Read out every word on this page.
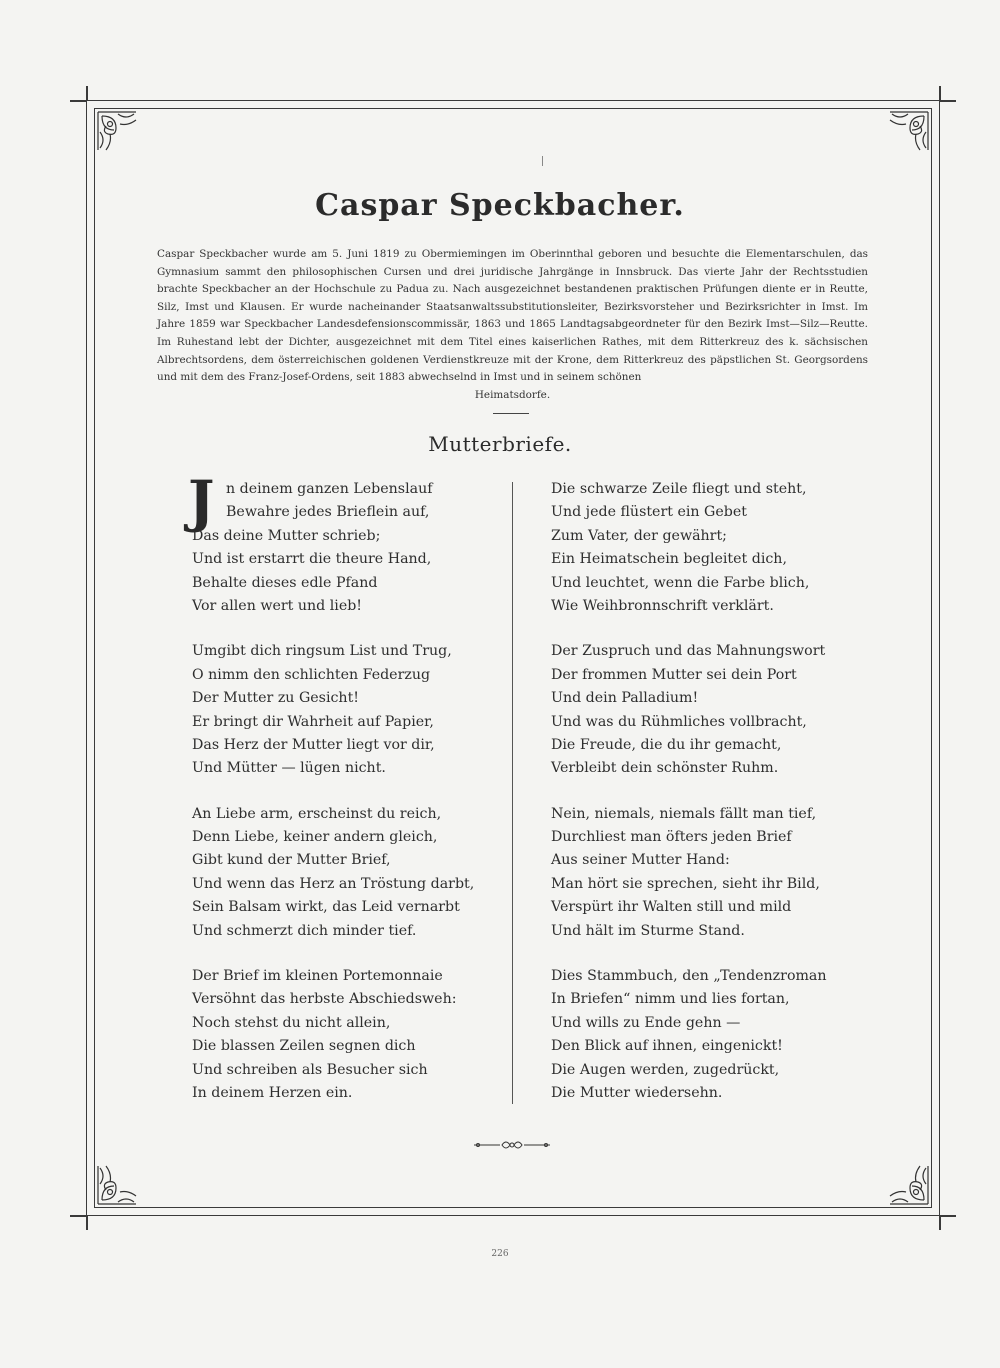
Caspar Speckbacher.
Caspar Speckbacher wurde am 5. Juni 1819 zu Obermiemingen im Oberinnthal geboren und besuchte die Elementarschulen, das Gymnasium sammt den philosophischen Cursen und drei juridische Jahrgänge in Innsbruck. Das vierte Jahr der Rechtsstudien brachte Speckbacher an der Hochschule zu Padua zu. Nach ausgezeichnet bestandenen praktischen Prüfungen diente er in Reutte, Silz, Imst und Klausen. Er wurde nacheinander Staatsanwaltssubstitutionsleiter, Bezirksvorsteher und Bezirksrichter in Imst. Im Jahre 1859 war Speckbacher Landesdefensionscommissär, 1863 und 1865 Landtagsabgeordneter für den Bezirk Imst—Silz—Reutte. Im Ruhestand lebt der Dichter, ausgezeichnet mit dem Titel eines kaiserlichen Rathes, mit dem Ritterkreuz des k. sächsischen Albrechtsordens, dem österreichischen goldenen Verdienstkreuze mit der Krone, dem Ritterkreuz des päpstlichen St. Georgsordens und mit dem des Franz-Josef-Ordens, seit 1883 abwechselnd in Imst und in seinem schönen
Heimatsdorfe.
Mutterbriefe.
J n deinem ganzen Lebenslauf
Bewahre jedes Brieflein auf,
Das deine Mutter schrieb;
Und ist erstarrt die theure Hand,
Behalte dieses edle Pfand
Vor allen wert und lieb!
Umgibt dich ringsum List und Trug,
O nimm den schlichten Federzug
Der Mutter zu Gesicht!
Er bringt dir Wahrheit auf Papier,
Das Herz der Mutter liegt vor dir,
Und Mütter — lügen nicht.
An Liebe arm, erscheinst du reich,
Denn Liebe, keiner andern gleich,
Gibt kund der Mutter Brief,
Und wenn das Herz an Tröstung darbt,
Sein Balsam wirkt, das Leid vernarbt
Und schmerzt dich minder tief.
Der Brief im kleinen Portemonnaie
Versöhnt das herbste Abschiedsweh:
Noch stehst du nicht allein,
Die blassen Zeilen segnen dich
Und schreiben als Besucher sich
In deinem Herzen ein.
Die schwarze Zeile fliegt und steht,
Und jede flüstert ein Gebet
Zum Vater, der gewährt;
Ein Heimatschein begleitet dich,
Und leuchtet, wenn die Farbe blich,
Wie Weihbronnschrift verklärt.
Der Zuspruch und das Mahnungswort
Der frommen Mutter sei dein Port
Und dein Palladium!
Und was du Rühmliches vollbracht,
Die Freude, die du ihr gemacht,
Verbleibt dein schönster Ruhm.
Nein, niemals, niemals fällt man tief,
Durchliest man öfters jeden Brief
Aus seiner Mutter Hand:
Man hört sie sprechen, sieht ihr Bild,
Verspürt ihr Walten still und mild
Und hält im Sturme Stand.
Dies Stammbuch, den „Tendenzroman
In Briefen“ nimm und lies fortan,
Und wills zu Ende gehn —
Den Blick auf ihnen, eingenickt!
Die Augen werden, zugedrückt,
Die Mutter wiedersehn.
226
